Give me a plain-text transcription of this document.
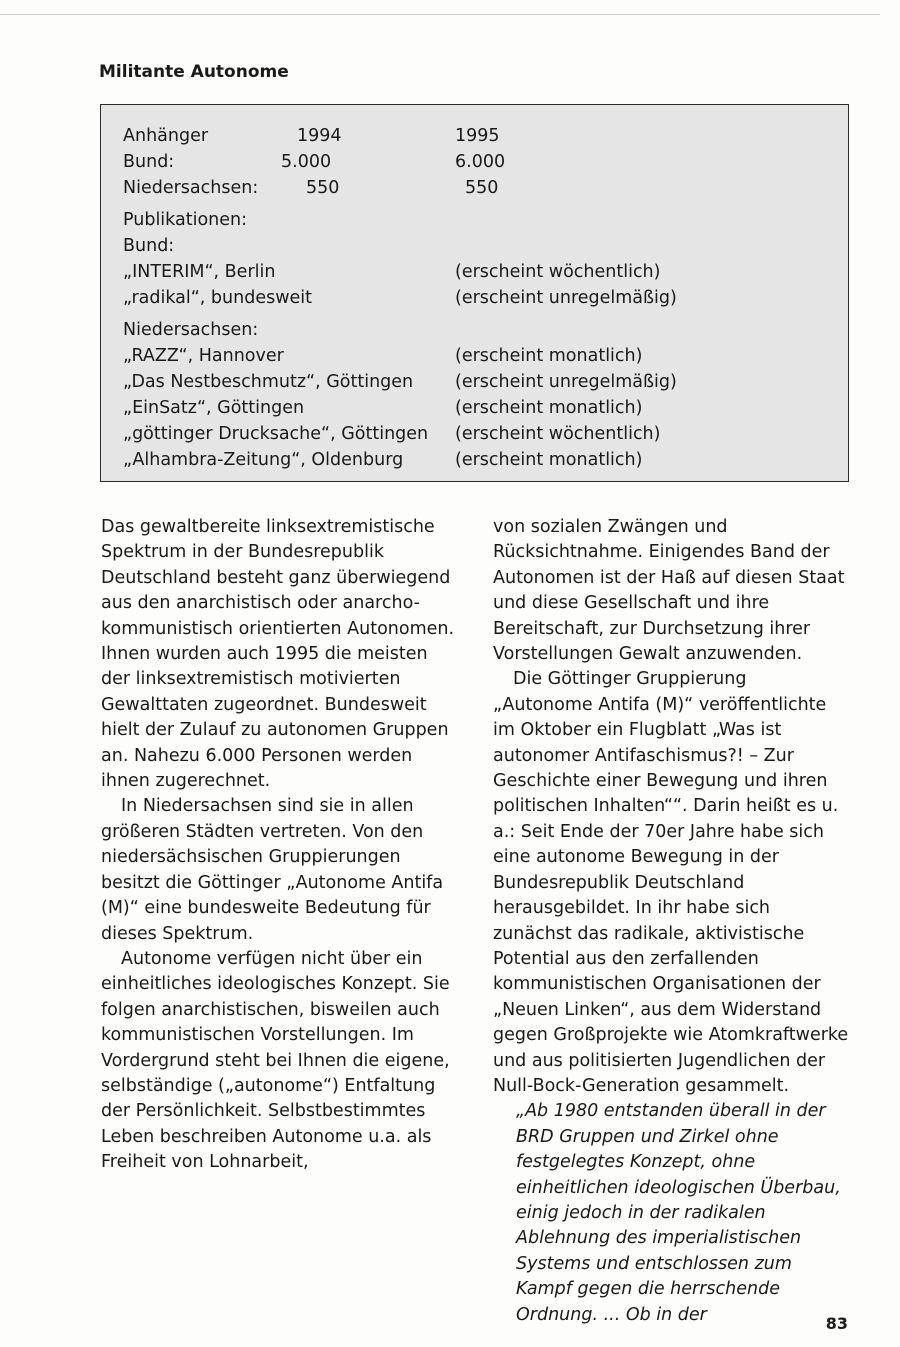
Militante Autonome
Anhänger	1994	1995
Bund:	5.000	6.000
Niedersachsen:	550	550
Publikationen:
Bund:
„INTERIM“, Berlin	(erscheint wöchentlich)
„radikal“, bundesweit	(erscheint unregelmäßig)
Niedersachsen:
„RAZZ“, Hannover	(erscheint monatlich)
„Das Nestbeschmutz“, Göttingen (erscheint unregelmäßig)
„EinSatz“, Göttingen	(erscheint monatlich)
„göttinger Drucksache“, Göttingen (erscheint wöchentlich)
„Alhambra-Zeitung“, Oldenburg	(erscheint monatlich)

Das gewaltbereite linksextremistische Spektrum in der Bundesrepublik Deutschland besteht ganz überwiegend aus den anarchistisch oder anarcho-kommunistisch orientierten Autonomen. Ihnen wurden auch 1995 die meisten der linksextremistisch motivierten Gewalttaten zugeordnet. Bundesweit hielt der Zulauf zu autonomen Gruppen an. Nahezu 6.000 Personen werden ihnen zugerechnet.

In Niedersachsen sind sie in allen größeren Städten vertreten. Von den niedersächsischen Gruppierungen besitzt die Göttinger „Autonome Antifa (M)“ eine bundesweite Bedeutung für dieses Spektrum.

Autonome verfügen nicht über ein einheitliches ideologisches Konzept. Sie folgen anarchistischen, bisweilen auch kommunistischen Vorstellungen. Im Vordergrund steht bei Ihnen die eigene, selbständige („autonome“) Entfaltung der Persönlichkeit. Selbstbestimmtes Leben beschreiben Autonome u.a. als Freiheit von Lohnarbeit,

von sozialen Zwängen und Rücksichtnahme. Einigendes Band der Autonomen ist der Haß auf diesen Staat und diese Gesellschaft und ihre Bereitschaft, zur Durchsetzung ihrer Vorstellungen Gewalt anzuwenden.

Die Göttinger Gruppierung „Autonome Antifa (M)“ veröffentlichte im Oktober ein Flugblatt „Was ist autonomer Antifaschismus?! – Zur Geschichte einer Bewegung und ihren politischen Inhalten““. Darin heißt es u. a.: Seit Ende der 70er Jahre habe sich eine autonome Bewegung in der Bundesrepublik Deutschland herausgebildet. In ihr habe sich zunächst das radikale, aktivistische Potential aus den zerfallenden kommunistischen Organisationen der „Neuen Linken“, aus dem Widerstand gegen Großprojekte wie Atomkraftwerke und aus politisierten Jugendlichen der Null-Bock-Generation gesammelt.

„Ab 1980 entstanden überall in der BRD Gruppen und Zirkel ohne festgelegtes Konzept, ohne einheitlichen ideologischen Überbau, einig jedoch in der radikalen Ablehnung des imperialistischen Systems und entschlossen zum Kampf gegen die herrschende Ordnung. ... Ob in der	83
